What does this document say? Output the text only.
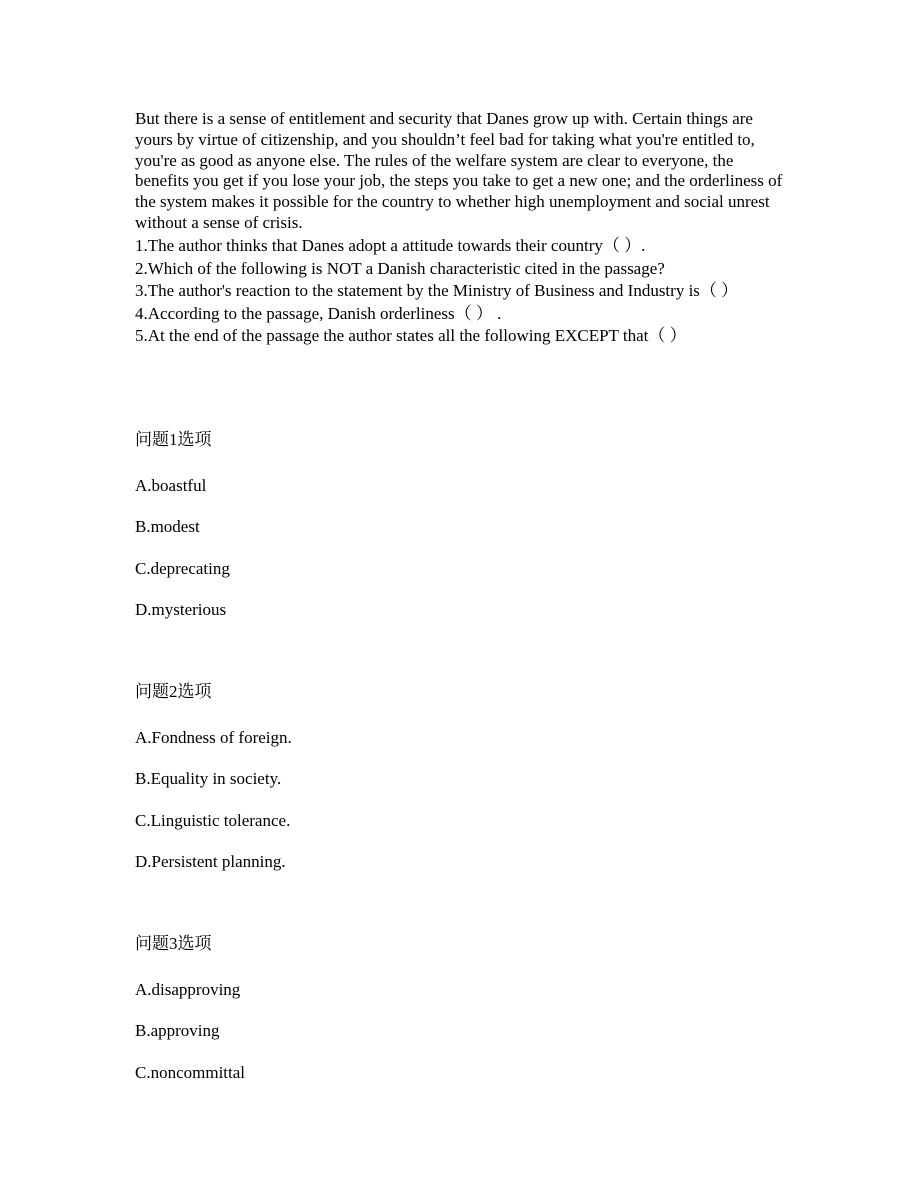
But there is a sense of entitlement and security that Danes grow up with. Certain things are yours by virtue of citizenship, and you shouldn’t feel bad for taking what you're entitled to, you're as good as anyone else. The rules of the welfare system are clear to everyone, the benefits you get if you lose your job, the steps you take to get a new one; and the orderliness of the system makes it possible for the country to whether high unemployment and social unrest without a sense of crisis.

1.The author thinks that Danes adopt a attitude towards their country（ ）.
2.Which of the following is NOT a Danish characteristic cited in the passage?
3.The author's reaction to the statement by the Ministry of Business and Industry is（ ）
4.According to the passage, Danish orderliness（ ） .
5.At the end of the passage the author states all the following EXCEPT that（ ）
问题1选项
A.boastful
B.modest
C.deprecating
D.mysterious
问题2选项
A.Fondness of foreign.
B.Equality in society.
C.Linguistic tolerance.
D.Persistent planning.
问题3选项
A.disapproving
B.approving
C.noncommittal
